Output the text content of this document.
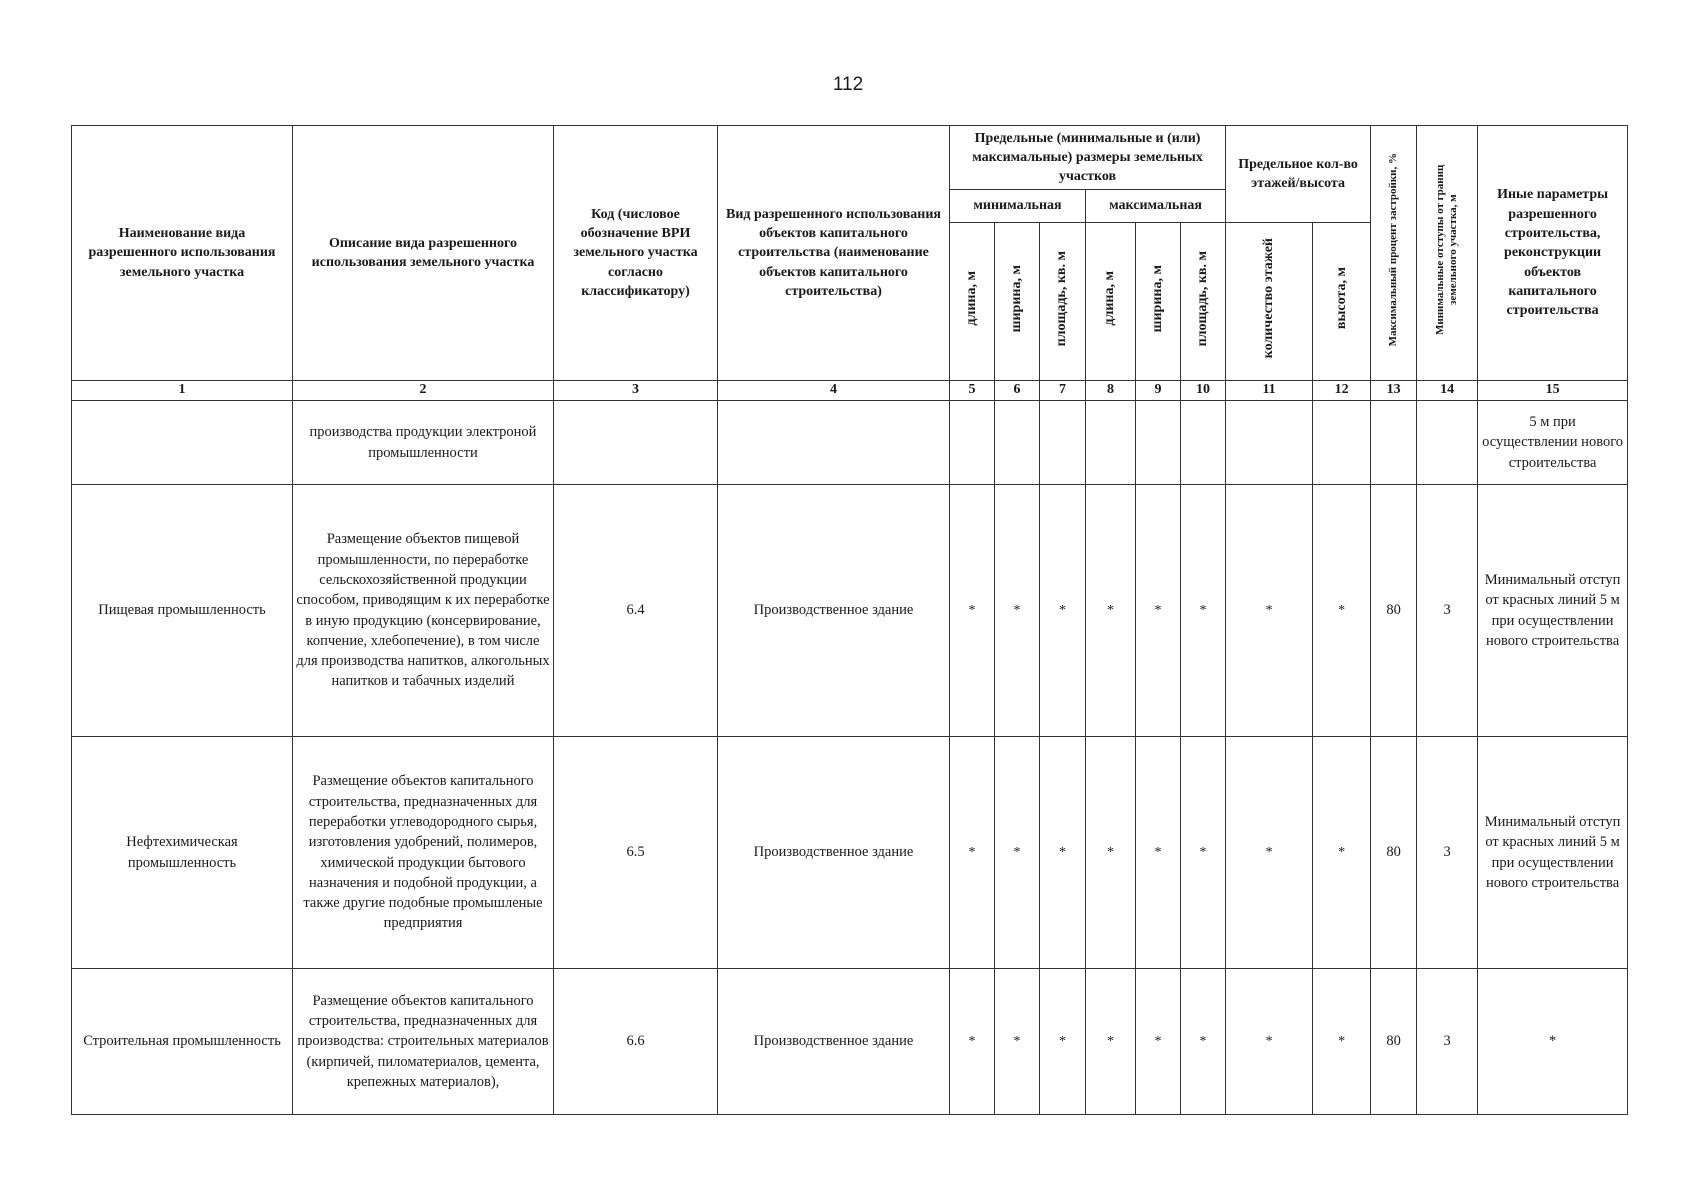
112
Наименование вида разрешенного использования земельного участка	Описание вида разрешенного использования земельного участка	Код (числовое обозначение ВРИ земельного участка согласно классификатору)	Вид разрешенного использования объектов капитального строительства (наименование объектов капитального строительства)	Предельные (минимальные и (или) максимальные) размеры земельных участков						Предельное кол-во этажей/высота		Максимальный процент застройки, %	Минимальные отступы от границ земельного участка, м	Иные параметры разрешенного строительства, реконструкции объектов капитального строительства
				минимальная			максимальная							
				длина, м	ширина, м	площадь, кв. м	длина, м	ширина, м	площадь, кв. м	количество этажей	высота, м			
1	2	3	4	5	6	7	8	9	10	11	12	13	14	15
	производства продукции электроной промышленности													5 м при осуществлении нового строительства
Пищевая промышленность	Размещение объектов пищевой промышленности, по переработке сельскохозяйственной продукции способом, приводящим к их переработке в иную продукцию (консервирование, копчение, хлебопечение), в том числе для производства напитков, алкогольных напитков и табачных изделий	6.4	Производственное здание	*	*	*	*	*	*	*	*	80	3	Минимальный отступ от красных линий 5 м при осуществлении нового строительства
Нефтехимическая промышленность	Размещение объектов капитального строительства, предназначенных для переработки углеводородного сырья, изготовления удобрений, полимеров, химической продукции бытового назначения и подобной продукции, а также другие подобные промышленые предприятия	6.5	Производственное здание	*	*	*	*	*	*	*	*	80	3	Минимальный отступ от красных линий 5 м при осуществлении нового строительства
Строительная промышленность	Размещение объектов капитального строительства, предназначенных для производства: строительных материалов (кирпичей, пиломатериалов, цемента, крепежных материалов),	6.6	Производственное здание	*	*	*	*	*	*	*	*	80	3	*
